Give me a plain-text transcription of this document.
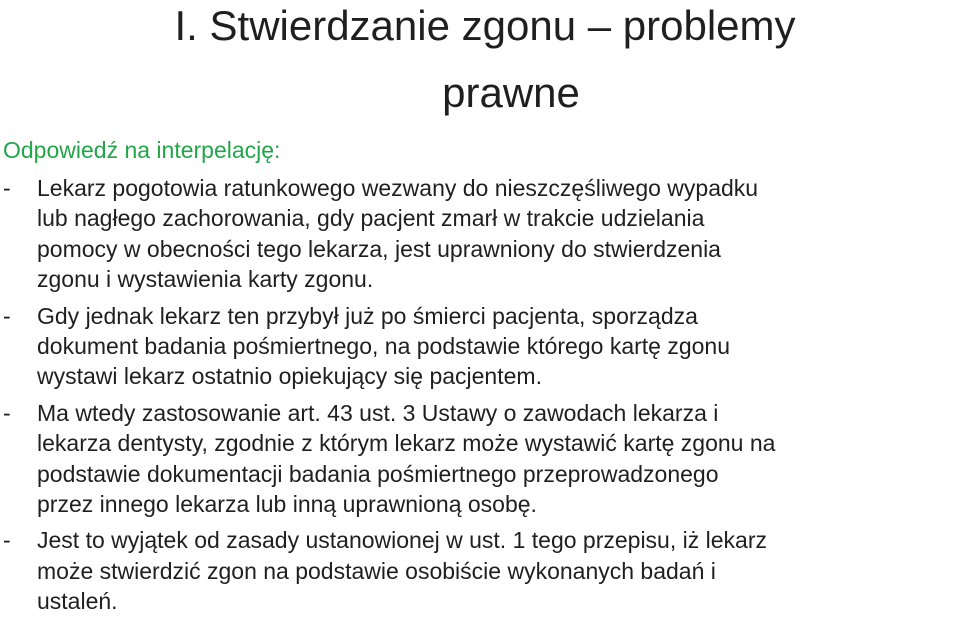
I. Stwierdzanie zgonu – problemy
prawne
Odpowiedź na interpelację:
- Lekarz pogotowia ratunkowego wezwany do nieszczęśliwego wypadku
lub nagłego zachorowania, gdy pacjent zmarł w trakcie udzielania
pomocy w obecności tego lekarza, jest uprawniony do stwierdzenia
zgonu i wystawienia karty zgonu.
- Gdy jednak lekarz ten przybył już po śmierci pacjenta, sporządza
dokument badania pośmiertnego, na podstawie którego kartę zgonu
wystawi lekarz ostatnio opiekujący się pacjentem.
- Ma wtedy zastosowanie art. 43 ust. 3 Ustawy o zawodach lekarza i
lekarza dentysty, zgodnie z którym lekarz może wystawić kartę zgonu na
podstawie dokumentacji badania pośmiertnego przeprowadzonego
przez innego lekarza lub inną uprawnioną osobę.
- Jest to wyjątek od zasady ustanowionej w ust. 1 tego przepisu, iż lekarz
może stwierdzić zgon na podstawie osobiście wykonanych badań i
ustaleń.
